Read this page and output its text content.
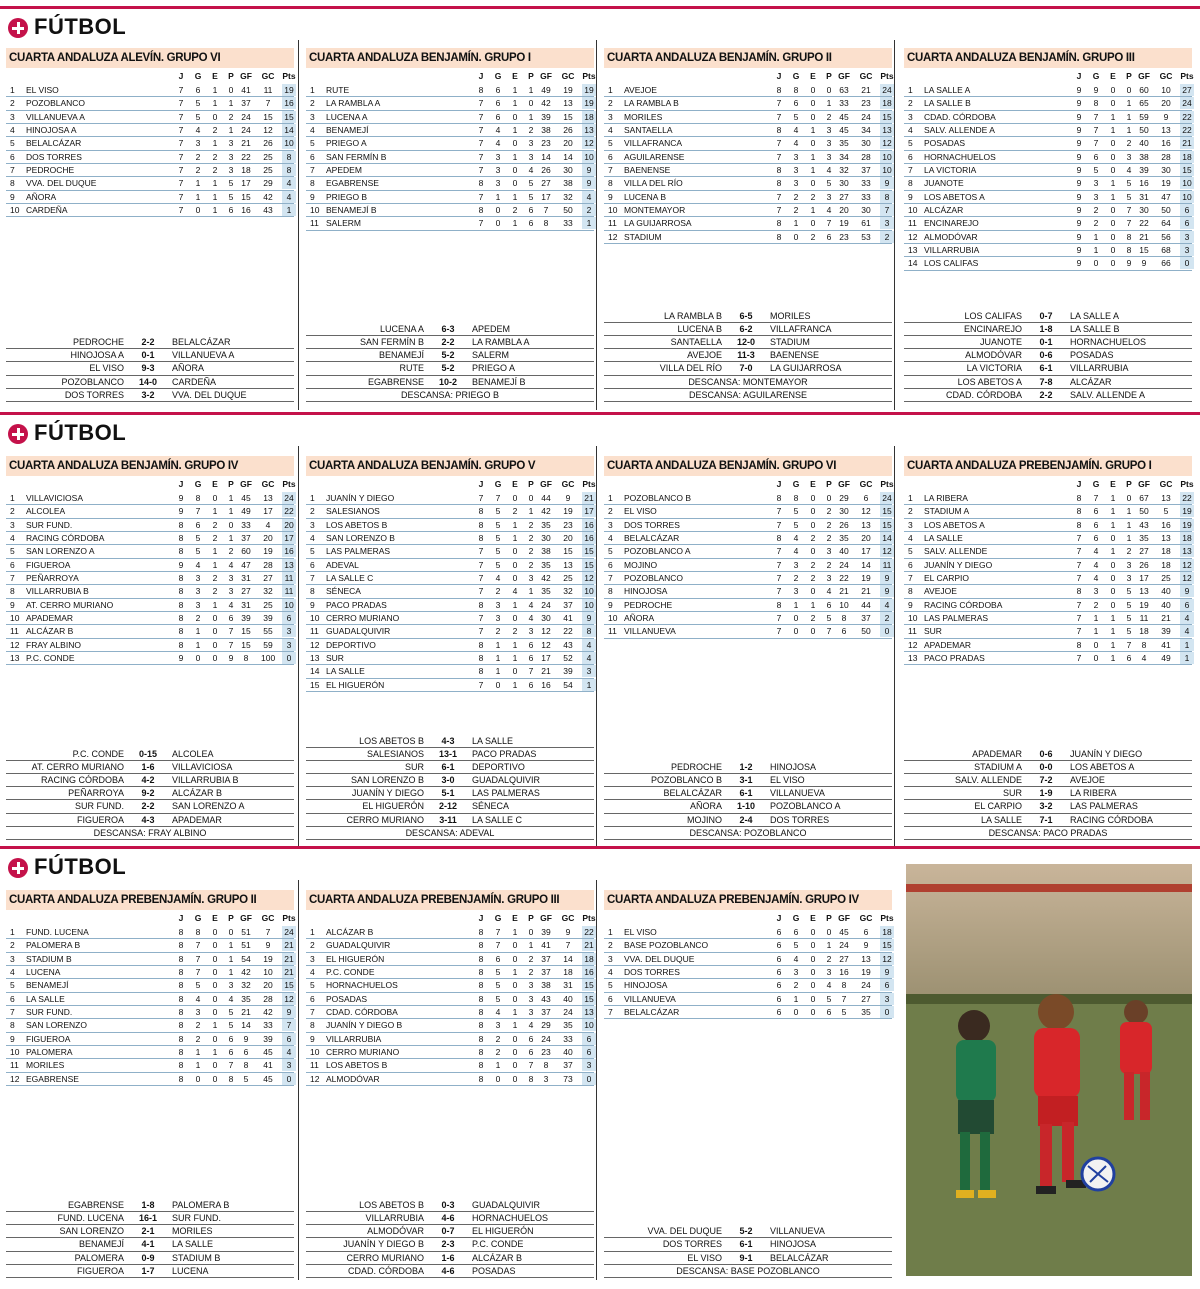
FÚTBOL
FÚTBOL
FÚTBOL
CUARTA ANDALUZA ALEVÍN. GRUPO VI
J	G	E	P GF GC Pts
1	EL VISO	7	6	1	0 41	11	19
2	POZOBLANCO	7	5	1	1 37	7	16
3	VILLANUEVA A	7	5	0	2 24 15 15
4	HINOJOSA A	7	4	2	1 24 12 14
5	BELALCÁZAR	7	3	1	3 21 26 10
6	DOS TORRES	7	2	2	3 22 25	8
7	PEDROCHE	7	2	2	3 18 25	8
8	VVA. DEL DUQUE	7	1	1	5 17 29	4
9	AÑORA	7	1	1	5 15 42	4
10 CARDEÑA	7	0	1	6 16 43	1
PEDROCHE	2-2	BELALCÁZAR
HINOJOSA A	0-1	VILLANUEVA A
EL VISO	9-3	AÑORA
POZOBLANCO	14-0	CARDEÑA
DOS TORRES	3-2	VVA. DEL DUQUE
CUARTA ANDALUZA BENJAMÍN. GRUPO I
J	G	E	P GF GC Pts
1	RUTE	8	6	1	1 49 19 19
2	LA RAMBLA A	7	6	1	0 42 13 19
3	LUCENA A	7	6	0	1 39 15 18
4	BENAMEJÍ	7	4	1	2 38 26 13
5	PRIEGO A	7	4	0	3 23 20 12
6	SAN FERMÍN B	7	3	1	3 14 14 10
7	APEDEM	7	3	0	4 26 30	9
8	EGABRENSE	8	3	0	5 27 38	9
9	PRIEGO B	7	1	1	5 17 32	4
10 BENAMEJÍ B	8	0	2	6	7	50	2
11 SALERM	7	0	1	6	8	33	1
LUCENA A	6-3	APEDEM
SAN FERMÍN B	2-2	LA RAMBLA A
BENAMEJÍ	5-2	SALERM
RUTE	5-2	PRIEGO A
EGABRENSE	10-2	BENAMEJÍ B
DESCANSA: PRIEGO B
CUARTA ANDALUZA BENJAMÍN. GRUPO II
J	G	E	P GF GC Pts
1	AVEJOE	8	8	0	0 63 21 24
2	LA RAMBLA B	7	6	0	1 33 23 18
3	MORILES	7	5	0	2 45 24 15
4	SANTAELLA	8	4	1	3 45 34 13
5	VILLAFRANCA	7	4	0	3 35 30 12
6	AGUILARENSE	7	3	1	3 34 28 10
7	BAENENSE	8	3	1	4 32 37 10
8	VILLA DEL RÍO	8	3	0	5 30 33	9
9	LUCENA B	7	2	2	3 27 33	8
10 MONTEMAYOR	7	2	1	4 20 30	7
11 LA GUIJARROSA	8	1	0	7 19 61	3
12 STADIUM	8	0	2	6 23 53	2
LA RAMBLA B	6-5	MORILES
LUCENA B	6-2	VILLAFRANCA
SANTAELLA	12-0	STADIUM
AVEJOE	11-3	BAENENSE
VILLA DEL RÍO	7-0	LA GUIJARROSA
DESCANSA: MONTEMAYOR
DESCANSA: AGUILARENSE
CUARTA ANDALUZA BENJAMÍN. GRUPO III
J	G	E	P GF GC Pts
1	LA SALLE A	9	9	0	0 60 10 27
2	LA SALLE B	9	8	0	1 65 20 24
3	CDAD. CÓRDOBA	9	7	1	1 59	9	22
4	SALV. ALLENDE A	9	7	1	1 50 13 22
5	POSADAS	9	7	0	2 40 16 21
6	HORNACHUELOS	9	6	0	3 38 28 18
7	LA VICTORIA	9	5	0	4 39 30 15
8	JUANOTE	9	3	1	5 16 19 10
9	LOS ABETOS A	9	3	1	5 31 47 10
10 ALCÁZAR	9	2	0	7 30 50	6
11 ENCINAREJO	9	2	0	7 22 64	6
12 ALMODÓVAR	9	1	0	8 21 56	3
13 VILLARRUBIA	9	1	0	8 15 68	3
14 LOS CALIFAS	9	0	0	9	9	66	0
LOS CALIFAS	0-7	LA SALLE A
ENCINAREJO	1-8	LA SALLE B
JUANOTE	0-1	HORNACHUELOS
ALMODÓVAR	0-6	POSADAS
LA VICTORIA	6-1	VILLARRUBIA
LOS ABETOS A	7-8	ALCÁZAR
CDAD. CÓRDOBA	2-2	SALV. ALLENDE A
CUARTA ANDALUZA BENJAMÍN. GRUPO IV
J	G	E	P GF GC Pts
1	VILLAVICIOSA	9	8	0	1 45 13 24
2	ALCOLEA	9	7	1	1 49 17 22
3	SUR FUND.	8	6	2	0 33	4	20
4	RACING CÓRDOBA	8	5	2	1 37 20 17
5	SAN LORENZO A	8	5	1	2 60 19 16
6	FIGUEROA	9	4	1	4 47 28 13
7	PEÑARROYA	8	3	2	3 31 27	11
8	VILLARRUBIA B	8	3	2	3 27 32	11
9	AT. CERRO MURIANO	8	3	1	4 31 25 10
10 APADEMAR	8	2	0	6 39 39	6
11 ALCÁZAR B	8	1	0	7 15 55	3
12 FRAY ALBINO	8	1	0	7 15 59	3
13 P.C. CONDE	9	0	0	9	8	100	0
P.C. CONDE	0-15	ALCOLEA
AT. CERRO MURIANO	1-6	VILLAVICIOSA
RACING CÓRDOBA	4-2	VILLARRUBIA B
PEÑARROYA	9-2	ALCÁZAR B
SUR FUND.	2-2	SAN LORENZO A
FIGUEROA	4-3	APADEMAR
DESCANSA: FRAY ALBINO
CUARTA ANDALUZA BENJAMÍN. GRUPO V
J	G	E	P GF GC Pts
1	JUANÍN Y DIEGO	7	7	0	0 44	9	21
2	SALESIANOS	8	5	2	1 42 19 17
3	LOS ABETOS B	8	5	1	2 35 23 16
4	SAN LORENZO B	8	5	1	2 30 20 16
5	LAS PALMERAS	7	5	0	2 38 15 15
6	ADEVAL	7	5	0	2 35 13 15
7	LA SALLE C	7	4	0	3 42 25 12
8	SÉNECA	7	2	4	1 35 32 10
9	PACO PRADAS	8	3	1	4 24 37 10
10 CERRO MURIANO	7	3	0	4 30 41	9
11 GUADALQUIVIR	7	2	2	3 12 22	8
12 DEPORTIVO	8	1	1	6 12 43	4
13 SUR	8	1	1	6 17 52	4
14 LA SALLE	8	1	0	7 21 39	3
15 EL HIGUERÓN	7	0	1	6 16 54	1
LOS ABETOS B	4-3	LA SALLE
SALESIANOS	13-1	PACO PRADAS
SUR	6-1	DEPORTIVO
SAN LORENZO B	3-0	GUADALQUIVIR
JUANÍN Y DIEGO	5-1	LAS PALMERAS
EL HIGUERÓN	2-12	SÉNECA
CERRO MURIANO	3-11	LA SALLE C
DESCANSA: ADEVAL
CUARTA ANDALUZA BENJAMÍN. GRUPO VI
J	G	E	P GF GC Pts
1	POZOBLANCO B	8	8	0	0 29	6	24
2	EL VISO	7	5	0	2 30 12 15
3	DOS TORRES	7	5	0	2 26 13 15
4	BELALCÁZAR	8	4	2	2 35 20 14
5	POZOBLANCO A	7	4	0	3 40 17 12
6	MOJINO	7	3	2	2 24 14	11
7	POZOBLANCO	7	2	2	3 22 19	9
8	HINOJOSA	7	3	0	4 21 21	9
9	PEDROCHE	8	1	1	6 10 44	4
10 AÑORA	7	0	2	5	8	37	2
11 VILLANUEVA	7	0	0	7	6	50	0
PEDROCHE	1-2	HINOJOSA
POZOBLANCO B	3-1	EL VISO
BELALCÁZAR	6-1	VILLANUEVA
AÑORA	1-10	POZOBLANCO A
MOJINO	2-4	DOS TORRES
DESCANSA: POZOBLANCO
CUARTA ANDALUZA PREBENJAMÍN. GRUPO I
J	G	E	P GF GC Pts
1	LA RIBERA	8	7	1	0 67 13 22
2	STADIUM A	8	6	1	1 50	5	19
3	LOS ABETOS A	8	6	1	1 43 16 19
4	LA SALLE	7	6	0	1 35 13 18
5	SALV. ALLENDE	7	4	1	2 27 18 13
6	JUANÍN Y DIEGO	7	4	0	3 26 18 12
7	EL CARPIO	7	4	0	3 17 25 12
8	AVEJOE	8	3	0	5 13 40	9
9	RACING CÓRDOBA	7	2	0	5 19 40	6
10 LAS PALMERAS	7	1	1	5 11	21	4
11 SUR	7	1	1	5 18 39	4
12 APADEMAR	8	0	1	7	8	41	1
13 PACO PRADAS	7	0	1	6	4	49	1
APADEMAR	0-6	JUANÍN Y DIEGO
STADIUM A	0-0	LOS ABETOS A
SALV. ALLENDE	7-2	AVEJOE
SUR	1-9	LA RIBERA
EL CARPIO	3-2	LAS PALMERAS
LA SALLE	7-1	RACING CÓRDOBA
DESCANSA: PACO PRADAS
CUARTA ANDALUZA PREBENJAMÍN. GRUPO II
J	G	E	P GF GC Pts
1	FUND. LUCENA	8	8	0	0 51	7	24
2	PALOMERA B	8	7	0	1 51	9	21
3	STADIUM B	8	7	0	1 54 19 21
4	LUCENA	8	7	0	1 42 10 21
5	BENAMEJÍ	8	5	0	3 32 20 15
6	LA SALLE	8	4	0	4 35 28 12
7	SUR FUND.	8	3	0	5 21 42	9
8	SAN LORENZO	8	2	1	5 14 33	7
9	FIGUEROA	8	2	0	6	9	39	6
10 PALOMERA	8	1	1	6	6	45	4
11 MORILES	8	1	0	7	8	41	3
12 EGABRENSE	8	0	0	8	5	45	0
EGABRENSE	1-8	PALOMERA B
FUND. LUCENA	16-1	SUR FUND.
SAN LORENZO	2-1	MORILES
BENAMEJÍ	4-1	LA SALLE
PALOMERA	0-9	STADIUM B
FIGUEROA	1-7	LUCENA
CUARTA ANDALUZA PREBENJAMÍN. GRUPO III
J	G	E	P GF GC Pts
1	ALCÁZAR B	8	7	1	0 39	9	22
2	GUADALQUIVIR	8	7	0	1 41	7	21
3	EL HIGUERÓN	8	6	0	2 37 14 18
4	P.C. CONDE	8	5	1	2 37 18 16
5	HORNACHUELOS	8	5	0	3 38 31 15
6	POSADAS	8	5	0	3 43 40 15
7	CDAD. CÓRDOBA	8	4	1	3 37 24 13
8	JUANÍN Y DIEGO B	8	3	1	4 29 35 10
9	VILLARRUBIA	8	2	0	6 24 33	6
10 CERRO MURIANO	8	2	0	6 23 40	6
11 LOS ABETOS B	8	1	0	7	8	37	3
12 ALMODÓVAR	8	0	0	8	3	73	0
LOS ABETOS B	0-3	GUADALQUIVIR
VILLARRUBIA	4-6	HORNACHUELOS
ALMODÓVAR	0-7	EL HIGUERÓN
JUANÍN Y DIEGO B	2-3	P.C. CONDE
CERRO MURIANO	1-6	ALCÁZAR B
CDAD. CÓRDOBA	4-6	POSADAS
CUARTA ANDALUZA PREBENJAMÍN. GRUPO IV
J	G	E	P GF GC Pts
1	EL VISO	6	6	0	0 45	6	18
2	BASE POZOBLANCO	6	5	0	1 24	9	15
3	VVA. DEL DUQUE	6	4	0	2 27 13 12
4	DOS TORRES	6	3	0	3 16 19	9
5	HINOJOSA	6	2	0	4	8	24	6
6	VILLANUEVA	6	1	0	5	7	27	3
7	BELALCÁZAR	6	0	0	6	5	35	0
VVA. DEL DUQUE	5-2	VILLANUEVA
DOS TORRES	6-1	HINOJOSA
EL VISO	9-1	BELALCÁZAR
DESCANSA: BASE POZOBLANCO
